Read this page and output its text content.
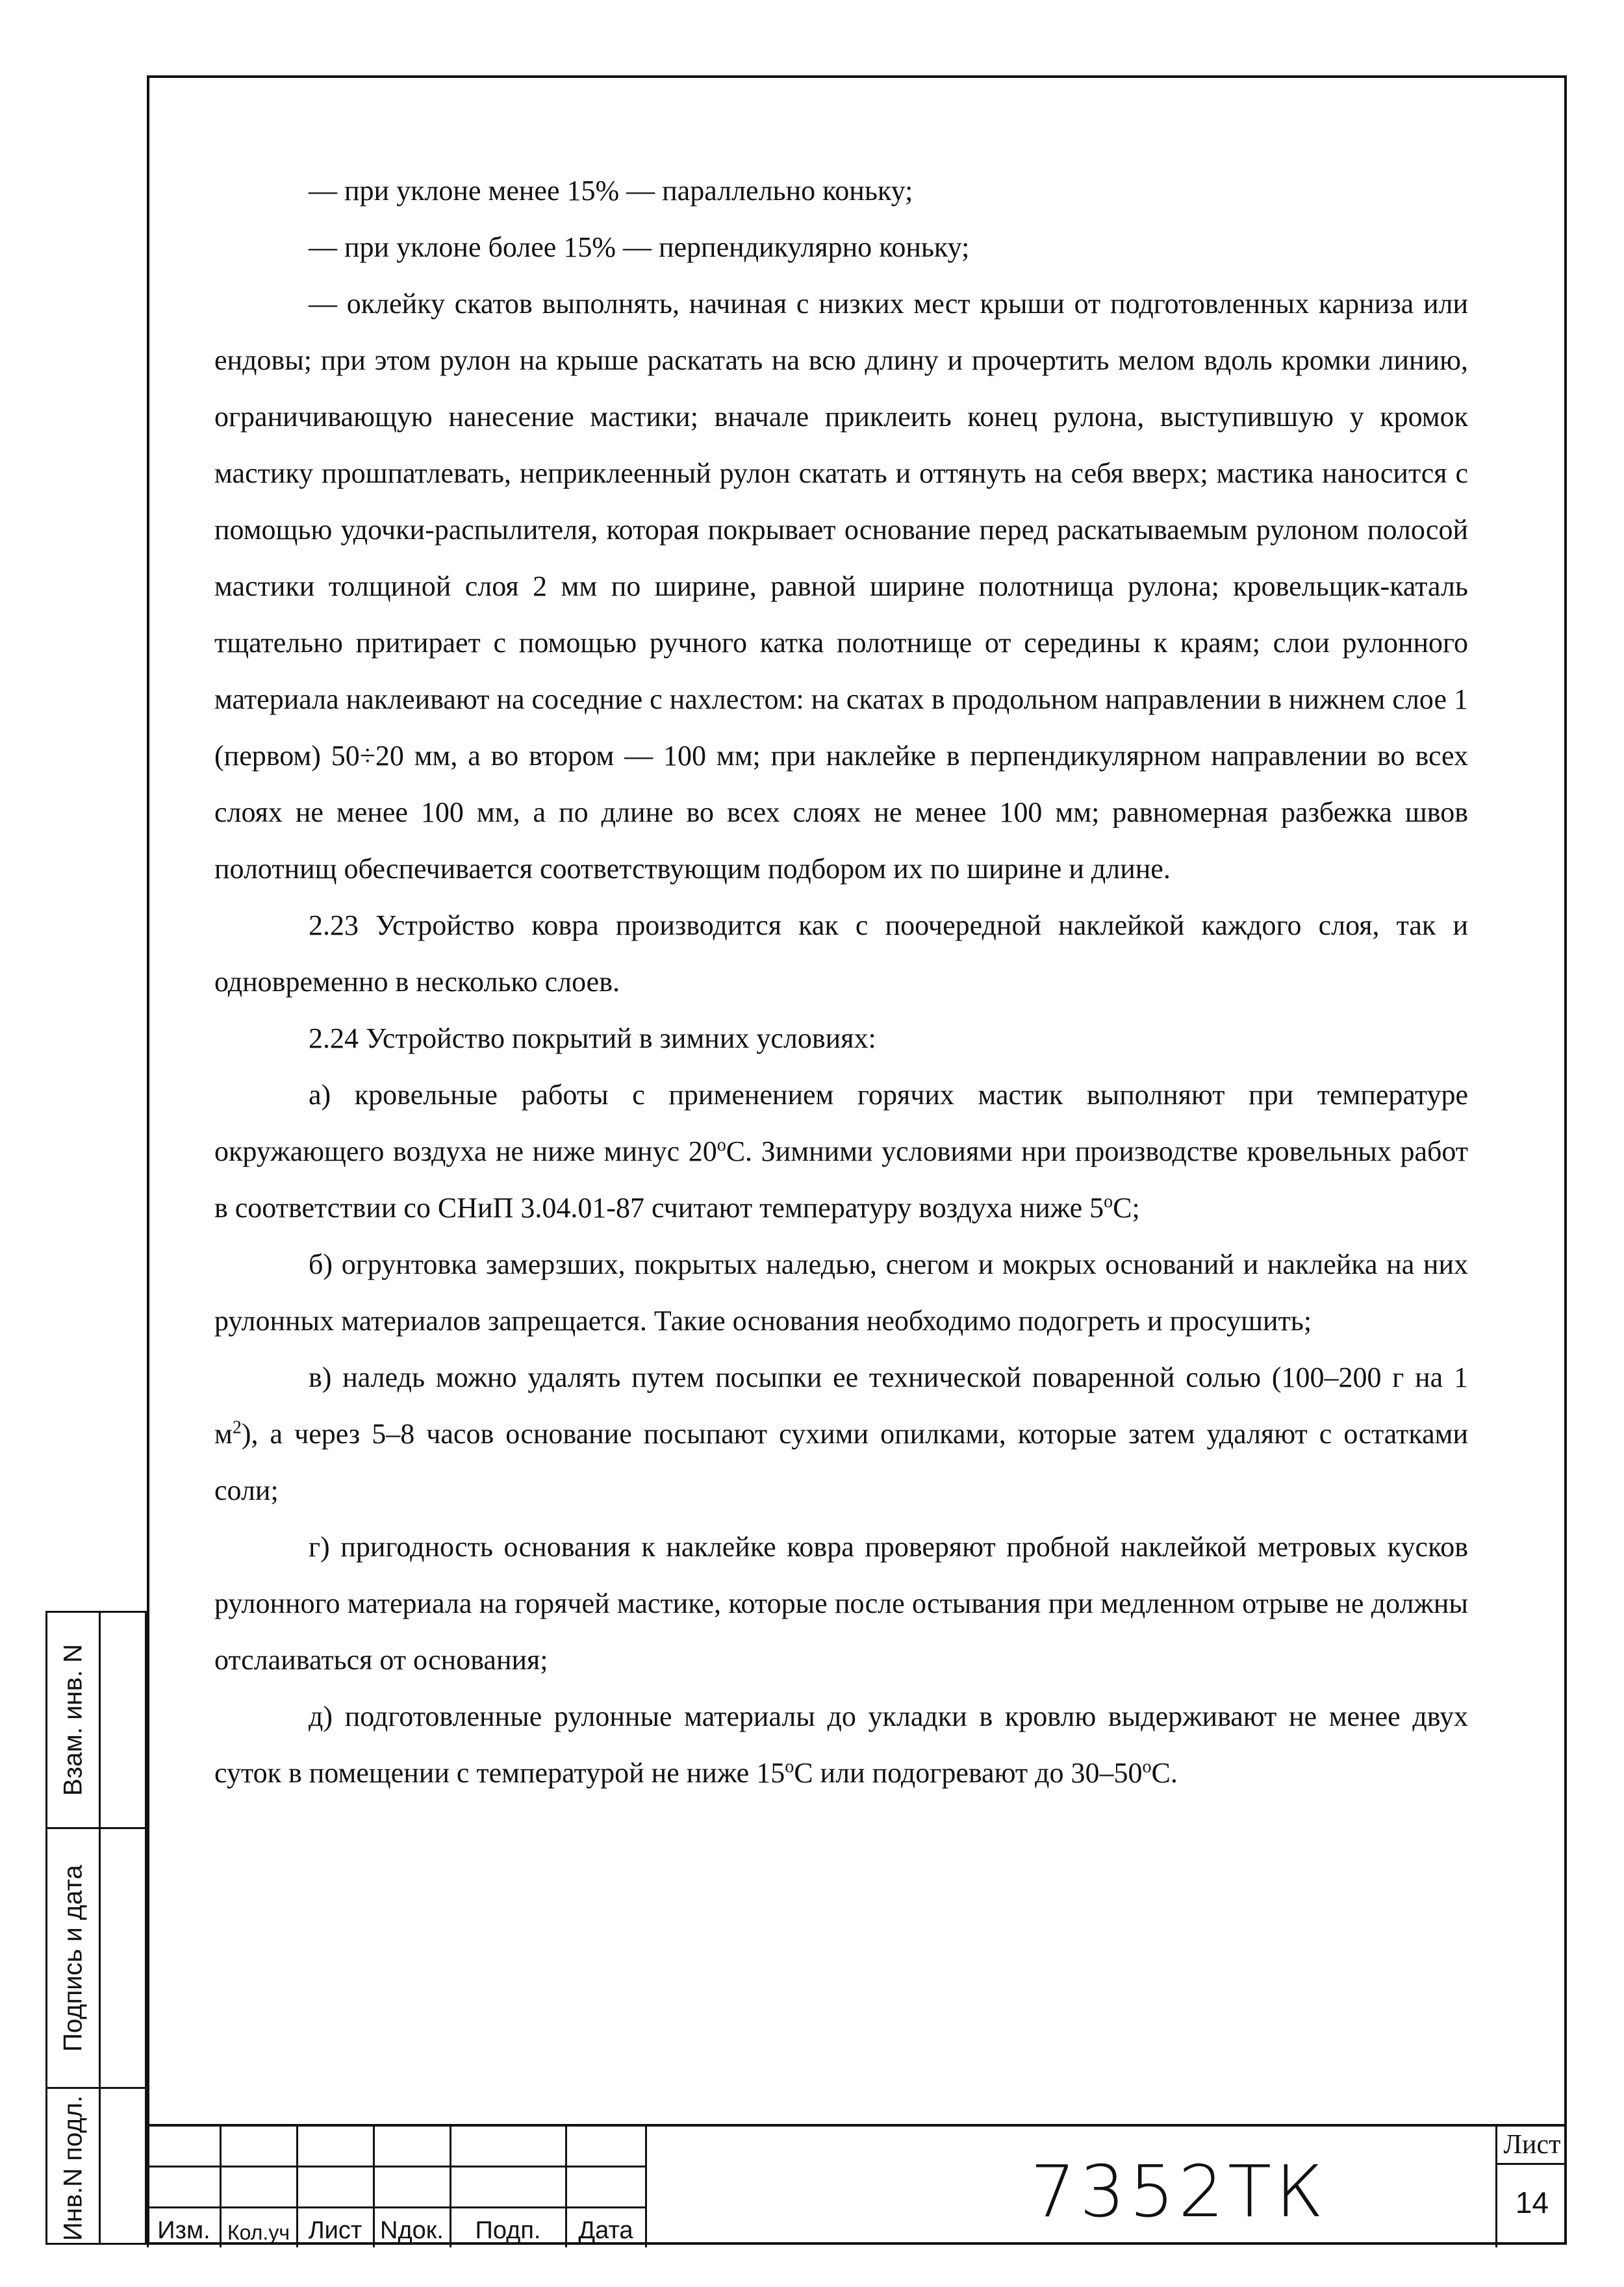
— при уклоне менее 15% — параллельно коньку;

— при уклоне более 15% — перпендикулярно коньку;

— оклейку скатов выполнять, начиная с низких мест крыши от подготовленных карниза или ендовы; при этом рулон на крыше раскатать на всю длину и прочертить мелом вдоль кромки линию, ограничивающую нанесение мастики; вначале приклеить конец рулона, выступившую у кромок мастику прошпатлевать, неприклеенный рулон скатать и оттянуть на себя вверх; мастика наносится с помощью удочки-распылителя, которая покрывает основание перед раскатываемым рулоном полосой мастики толщиной слоя 2 мм по ширине, равной ширине полотнища рулона; кровельщик-каталь тщательно притирает с помощью ручного катка полотнище от середины к краям; слои рулонного материала наклеивают на соседние с нахлестом: на скатах в продольном направлении в нижнем слое 1 (первом) 50÷20 мм, а во втором — 100 мм; при наклейке в перпендикулярном направлении во всех слоях не менее 100 мм, а по длине во всех слоях не менее 100 мм; равномерная разбежка швов полотнищ обеспечивается соответствующим подбором их по ширине и длине.

2.23 Устройство ковра производится как с поочередной наклейкой каждого слоя, так и одновременно в несколько слоев.

2.24 Устройство покрытий в зимних условиях:

а) кровельные работы с применением горячих мастик выполняют при температуре окружающего воздуха не ниже минус 20$^o$С. Зимними условиями нри производстве кровельных работ в соответствии со СНиП 3.04.01-87 считают температуру воздуха ниже 5$^o$С;

б) огрунтовка замерзших, покрытых наледью, снегом и мокрых оснований и наклейка на них рулонных материалов запрещается. Такие основания необходимо подогреть и просушить;

в) наледь можно удалять путем посыпки ее технической поваренной солью (100–200 г на 1 $м^2$), а через 5–8 часов основание посыпают сухими опилками, которые затем удаляют с остатками соли;

г) пригодность основания к наклейке ковра проверяют пробной наклейкой метровых кусков рулонного материала на горячей мастике, которые после остывания при медленном отрыве не должны отслаиваться от основания;

д) подготовленные рулонные материалы до укладки в кровлю выдерживают не менее двух суток в помещении с температурой не ниже 15$^o$С или подогревают до 30–50$^o$С.

Взам. инв. N
Подпись и дата
Инв.N подл.	Изм. Кол.уч Лист Nдок.	Подп.	Дата	7352ТК
Лист
14
